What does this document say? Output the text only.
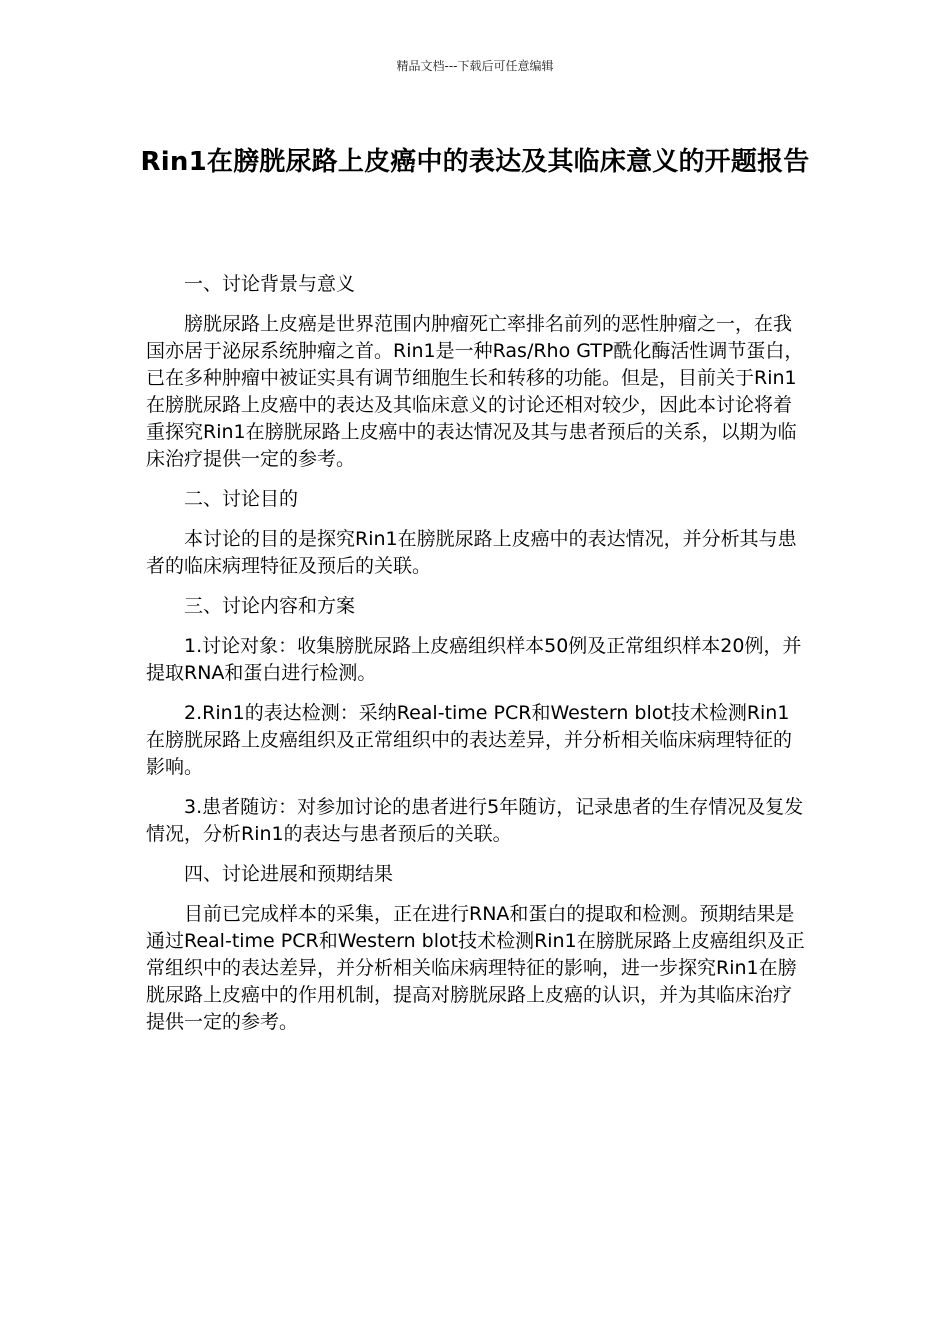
精品文档---下载后可任意编辑
Rin1在膀胱尿路上皮癌中的表达及其临床意义的开题报告

一、讨论背景与意义

膀胱尿路上皮癌是世界范围内肿瘤死亡率排名前列的恶性肿瘤之一，在我国亦居于泌尿系统肿瘤之首。Rin1是一种Ras/Rho GTP酰化酶活性调节蛋白，已在多种肿瘤中被证实具有调节细胞生长和转移的功能。但是，目前关于Rin1在膀胱尿路上皮癌中的表达及其临床意义的讨论还相对较少，因此本讨论将着重探究Rin1在膀胱尿路上皮癌中的表达情况及其与患者预后的关系，以期为临床治疗提供一定的参考。

二、讨论目的

本讨论的目的是探究Rin1在膀胱尿路上皮癌中的表达情况，并分析其与患者的临床病理特征及预后的关联。

三、讨论内容和方案

1.讨论对象：收集膀胱尿路上皮癌组织样本50例及正常组织样本20例，并提取RNA和蛋白进行检测。

2.Rin1的表达检测：采纳Real-time PCR和Western blot技术检测Rin1在膀胱尿路上皮癌组织及正常组织中的表达差异，并分析相关临床病理特征的影响。

3.患者随访：对参加讨论的患者进行5年随访，记录患者的生存情况及复发情况，分析Rin1的表达与患者预后的关联。

四、讨论进展和预期结果

目前已完成样本的采集，正在进行RNA和蛋白的提取和检测。预期结果是通过Real-time PCR和Western blot技术检测Rin1在膀胱尿路上皮癌组织及正常组织中的表达差异，并分析相关临床病理特征的影响，进一步探究Rin1在膀胱尿路上皮癌中的作用机制，提高对膀胱尿路上皮癌的认识，并为其临床治疗提供一定的参考。
